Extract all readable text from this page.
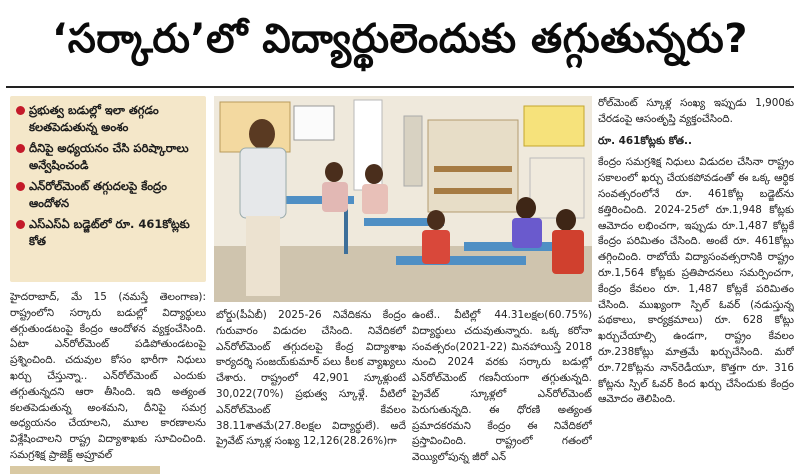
‘సర్కారు’లో విద్యార్థులెందుకు తగ్గుతున్నరు?
ప్రభుత్వ బడుల్లో ఇలా తగ్గడం కలతపెడుతున్న అంశం
దీనిపై అధ్యయనం చేసి పరిష్కారాలు అన్వేషించండి
ఎన్‌రోల్‌మెంట్ తగ్గుదలపై కేంద్రం ఆందోళన
ఎస్‌ఎస్‌ఏ బడ్జెట్‌లో రూ. 461కోట్లకు కోత
హైదరాబాద్, మే 15 (నమస్తే తెలంగాణ): రాష్ట్రంలోని సర్కారు బడుల్లో విద్యార్థులు తగ్గుతుండటంపై కేంద్రం ఆందోళన వ్యక్తంచేసింది. ఏటా ఎన్‌రోల్‌మెంట్ పడిపోతుండటంపై ప్రశ్నించింది. చదువుల కోసం భారీగా నిధులు ఖర్చు చేస్తున్నా.. ఎన్‌రోల్‌మెంట్ ఎందుకు తగ్గుతున్నదని ఆరా తీసింది. ఇది అత్యంత కలతపెడుతున్న అంశమని, దీనిపై సమగ్ర అధ్యయనం చేయాలని, మూల కారణాలను విశ్లేషించాలని రాష్ట్ర విద్యాశాఖకు సూచించింది. సమగ్రశిక్ష ప్రాజెక్ట్ అప్రూవల్
బోర్డు(పీఏబీ) 2025-26 నివేదికను కేంద్రం గురువారం విడుదల చేసింది. నివేదికలో ఎన్‌రోల్‌మెంట్ తగ్గుదలపై కేంద్ర విద్యాశాఖ కార్యదర్శి సంజయ్‌కుమార్ పలు కీలక వ్యాఖ్యలు చేశారు. రాష్ట్రంలో 42,901 స్కూళ్లుంటే 30,022(70%) ప్రభుత్వ స్కూళ్లే. వీటిలో ఎన్‌రోల్‌మెంట్ కేవలం 38.11శాతమే(27.8లక్షల విద్యార్థులే). అదే ప్రైవేట్ స్కూళ్ల సంఖ్య 12,126(28.26%)గా
ఉంటే.. వీటిల్లో 44.31లక్షల(60.75%) విద్యార్థులు చదువుతున్నారు. ఒక్క కరోనా సంవత్సరం(2021-22) మినహాయిస్తే 2018 నుంచి 2024 వరకు సర్కారు బడుల్లో ఎన్‌రోల్‌మెంట్ గణనీయంగా తగ్గుతున్నది. ప్రైవేట్ స్కూళ్లలో ఎన్‌రోల్‌మెంట్ పెరుగుతున్నది. ఈ ధోరణి అత్యంత ప్రమాదకరమని కేంద్రం ఈ నివేదికలో ప్రస్తావించింది. రాష్ట్రంలో గతంలో వెయ్యిలోపున్న జీరో ఎన్
రోల్‌మెంట్ స్కూళ్ల సంఖ్య ఇప్పుడు 1,900కు చేరడంపై ఆసంతృప్తి వ్యక్తంచేసింది.
రూ. 461కోట్లకు కోత..
కేంద్రం సమగ్రశిక్ష నిధులు విడుదల చేసినా రాష్ట్రం సకాలంలో ఖర్చు చేయకపోవడంతో ఈ ఒక్క ఆర్థిక సంవత్సరంలోనే రూ. 461కోట్ల బడ్జెట్‌ను కత్తిరించింది. 2024-25లో రూ.1,948 కోట్లకు ఆమోదం లభించగా, ఇప్పుడు రూ.1,487 కోట్లకే కేంద్రం పరిమితం చేసింది. అంటే రూ. 461కోట్లు తగ్గించింది. రాబోయే విద్యాసంవత్సరానికి రాష్ట్రం రూ.1,564 కోట్లకు ప్రతిపాదనలు సమర్పించగా, కేంద్రం కేవలం రూ. 1,487 కోట్లకే పరిమితం చేసింది. ముఖ్యంగా స్పిల్ ఓవర్ (నడుస్తున్న పథకాలు, కార్యక్రమాలు) రూ. 628 కోట్లు ఖర్చుచేయాల్సి ఉండగా, రాష్ట్రం కేవలం రూ.238కోట్లు మాత్రమే ఖర్చుచేసింది. మరో రూ.72కోట్లను నాన్‌రెడీయూ, కొత్తగా రూ. 316 కోట్లను స్పిల్ ఓవర్ కింద ఖర్చు చేసేందుకు కేంద్రం ఆమోదం తెలిపింది.
